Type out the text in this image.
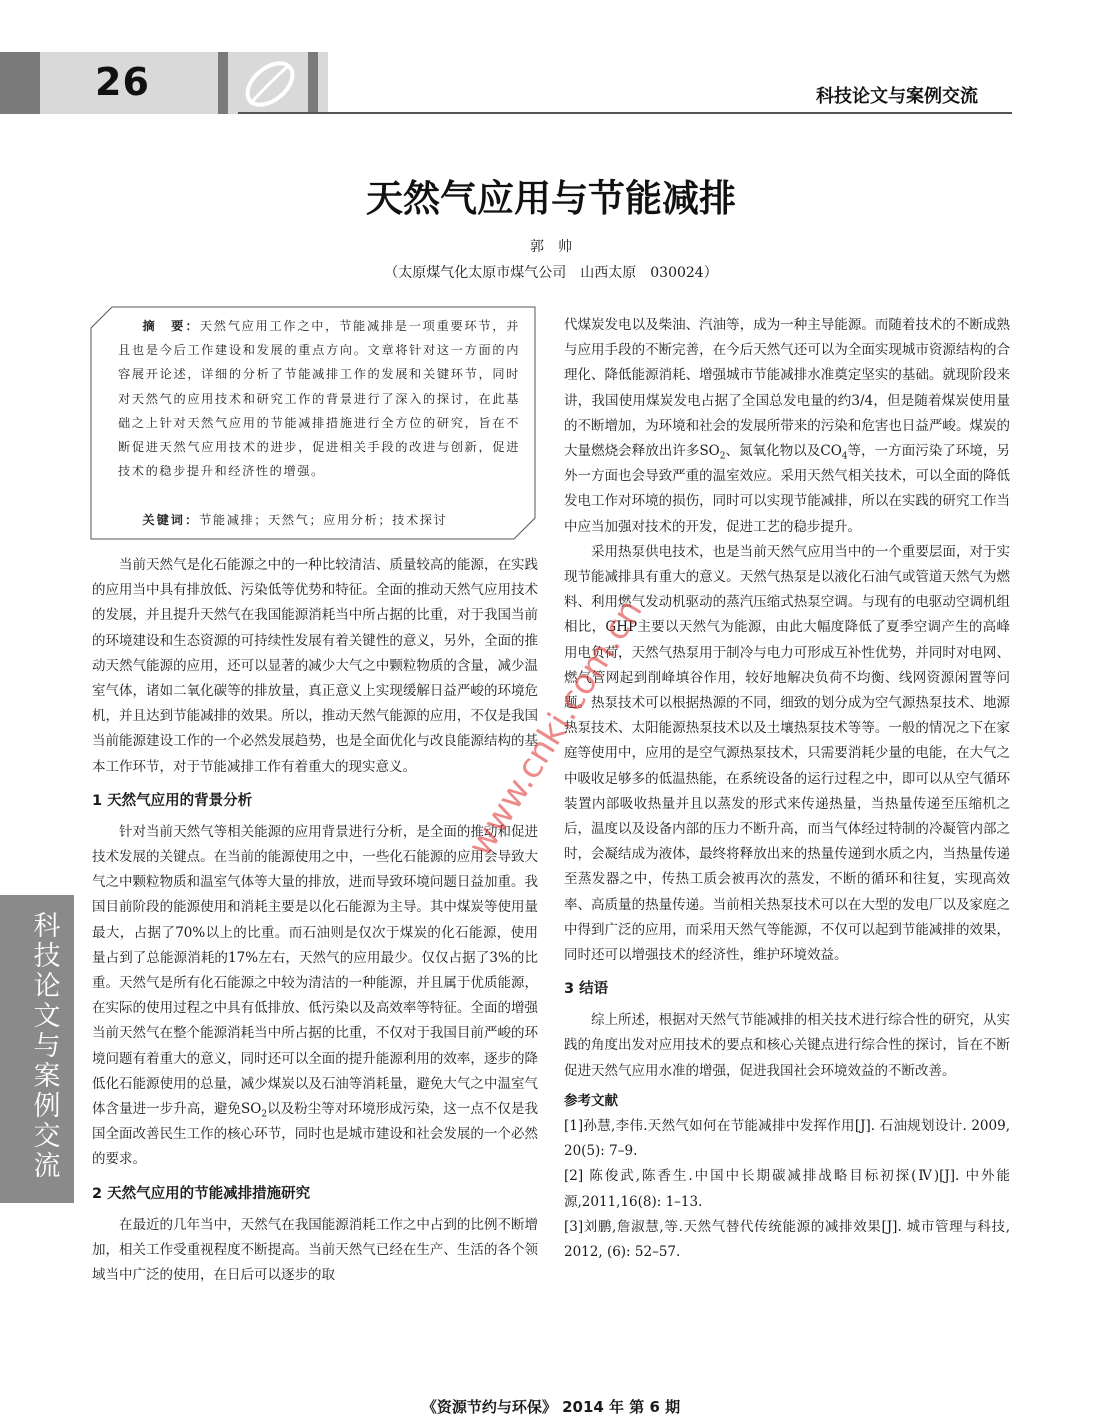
26	科技论文与案例交流
天然气应用与节能减排
郭　帅
（太原煤气化太原市煤气公司　山西太原　030024）
摘　要：天然气应用工作之中，节能减排是一项重要环节，并且也是今后工作建设和发展的重点方向。文章将针对这一方面的内容展开论述，详细的分析了节能减排工作的发展和关键环节，同时对天然气的应用技术和研究工作的背景进行了深入的探讨，在此基础之上针对天然气应用的节能减排措施进行全方位的研究，旨在不断促进天然气应用技术的进步，促进相关手段的改进与创新，促进技术的稳步提升和经济性的增强。
关键词：节能减排；天然气；应用分析；技术探讨

当前天然气是化石能源之中的一种比较清洁、质量较高的能源，在实践的应用当中具有排放低、污染低等优势和特征。全面的推动天然气应用技术的发展，并且提升天然气在我国能源消耗当中所占据的比重，对于我国当前的环境建设和生态资源的可持续性发展有着关键性的意义，另外，全面的推动天然气能源的应用，还可以显著的减少大气之中颗粒物质的含量，减少温室气体，诸如二氧化碳等的排放量，真正意义上实现缓解日益严峻的环境危机，并且达到节能减排的效果。所以，推动天然气能源的应用，不仅是我国当前能源建设工作的一个必然发展趋势，也是全面优化与改良能源结构的基本工作环节，对于节能减排工作有着重大的现实意义。

1 天然气应用的背景分析

针对当前天然气等相关能源的应用背景进行分析，是全面的推动和促进技术发展的关键点。在当前的能源使用之中，一些化石能源的应用会导致大气之中颗粒物质和温室气体等大量的排放，进而导致环境问题日益加重。我国目前阶段的能源使用和消耗主要是以化石能源为主导。其中煤炭等使用量最大，占据了70%以上的比重。而石油则是仅次于煤炭的化石能源，使用量占到了总能源消耗的17%左右，天然气的应用最少。仅仅占据了3%的比重。天然气是所有化石能源之中较为清洁的一种能源，并且属于优质能源，在实际的使用过程之中具有低排放、低污染以及高效率等特征。全面的增强当前天然气在整个能源消耗当中所占据的比重，不仅对于我国目前严峻的环境问题有着重大的意义，同时还可以全面的提升能源利用的效率，逐步的降低化石能源使用的总量，减少煤炭以及石油等消耗量，避免大气之中温室气体含量进一步升高，避免$SO_2$以及粉尘等对环境形成污染，这一点不仅是我国全面改善民生工作的核心环节，同时也是城市建设和社会发展的一个必然的要求。

2 天然气应用的节能减排措施研究

在最近的几年当中，天然气在我国能源消耗工作之中占到的比例不断增加，相关工作受重视程度不断提高。当前天然气已经在生产、生活的各个领域当中广泛的使用，在日后可以逐步的取

代煤炭发电以及柴油、汽油等，成为一种主导能源。而随着技术的不断成熟与应用手段的不断完善，在今后天然气还可以为全面实现城市资源结构的合理化、降低能源消耗、增强城市节能减排水准奠定坚实的基础。就现阶段来讲，我国使用煤炭发电占据了全国总发电量的约3/4，但是随着煤炭使用量的不断增加，为环境和社会的发展所带来的污染和危害也日益严峻。煤炭的大量燃烧会释放出许多$SO_2$、氮氧化物以及$CO_4$等，一方面污染了环境，另外一方面也会导致严重的温室效应。采用天然气相关技术，可以全面的降低发电工作对环境的损伤，同时可以实现节能减排，所以在实践的研究工作当中应当加强对技术的开发，促进工艺的稳步提升。

采用热泵供电技术，也是当前天然气应用当中的一个重要层面，对于实现节能减排具有重大的意义。天然气热泵是以液化石油气或管道天然气为燃料、利用燃气发动机驱动的蒸汽压缩式热泵空调。与现有的电驱动空调机组相比，GHP主要以天然气为能源，由此大幅度降低了夏季空调产生的高峰用电负荷，天然气热泵用于制冷与电力可形成互补性优势，并同时对电网、燃气管网起到削峰填谷作用，较好地解决负荷不均衡、线网资源闲置等问题。热泵技术可以根据热源的不同，细致的划分成为空气源热泵技术、地源热泵技术、太阳能源热泵技术以及土壤热泵技术等等。一般的情况之下在家庭等使用中，应用的是空气源热泵技术，只需要消耗少量的电能，在大气之中吸收足够多的低温热能，在系统设备的运行过程之中，即可以从空气循环装置内部吸收热量并且以蒸发的形式来传递热量，当热量传递至压缩机之后，温度以及设备内部的压力不断升高，而当气体经过特制的冷凝管内部之时，会凝结成为液体，最终将释放出来的热量传递到水质之内，当热量传递至蒸发器之中，传热工质会被再次的蒸发，不断的循环和往复，实现高效率、高质量的热量传递。当前相关热泵技术可以在大型的发电厂以及家庭之中得到广泛的应用，而采用天然气等能源，不仅可以起到节能减排的效果，同时还可以增强技术的经济性，维护环境效益。

3 结语

综上所述，根据对天然气节能减排的相关技术进行综合性的研究，从实践的角度出发对应用技术的要点和核心关键点进行综合性的探讨，旨在不断促进天然气应用水准的增强，促进我国社会环境效益的不断改善。

参考文献

[1]孙慧,李伟.天然气如何在节能减排中发挥作用[J]. 石油规划设计. 2009, 20(5): 7–9.

[2] 陈俊武,陈香生.中国中长期碳减排战略目标初探(Ⅳ)[J]. 中外能源,2011,16(8): 1–13.

[3]刘鹏,詹淑慧,等.天然气替代传统能源的减排效果[J]. 城市管理与科技, 2012, (6): 52–57.

科技论文与案例交流
www.cnki.com.cn
《资源节约与环保》 2014 年 第 6 期
